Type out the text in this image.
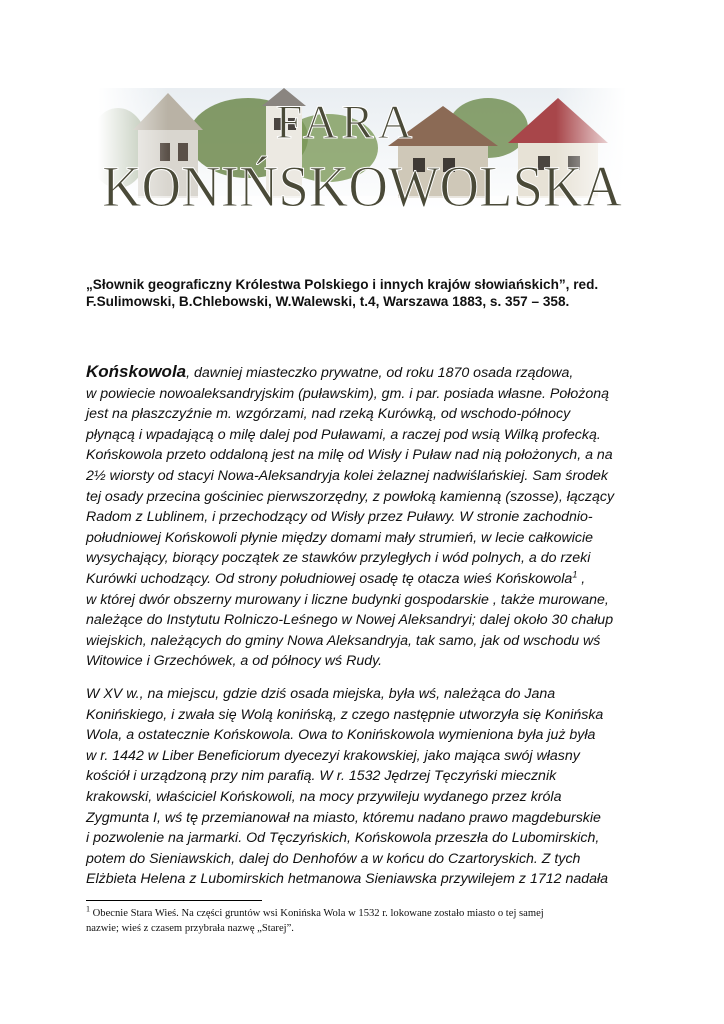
FARA
KONIŃSKOWOLSKA
„Słownik geograficzny Królestwa Polskiego i innych krajów słowiańskich”, red.
F.Sulimowski, B.Chlebowski, W.Walewski, t.4, Warszawa 1883, s. 357 – 358.
Końskowola, dawniej miasteczko prywatne, od roku 1870 osada rządowa,
w powiecie nowoaleksandryjskim (puławskim), gm. i par. posiada własne. Położoną
jest na płaszczyźnie m. wzgórzami, nad rzeką Kurówką, od wschodo-północy
płynącą i wpadającą o milę dalej pod Puławami, a raczej pod wsią Wilką profecką.
Końskowola przeto oddaloną jest na milę od Wisły i Puław nad nią położonych, a na
2½ wiorsty od stacyi Nowa-Aleksandryja kolei żelaznej nadwiślańskiej. Sam środek
tej osady przecina gościniec pierwszorzędny, z powłoką kamienną (szosse), łączący
Radom z Lublinem, i przechodzący od Wisły przez Puławy. W stronie zachodnio-
południowej Końskowoli płynie między domami mały strumień, w lecie całkowicie
wysychający, biorący początek ze stawków przyległych i wód polnych, a do rzeki
Kurówki uchodzący. Od strony południowej osadę tę otacza wieś Końskowola$^1$ ,
w której dwór obszerny murowany i liczne budynki gospodarskie , także murowane,
należące do Instytutu Rolniczo-Leśnego w Nowej Aleksandryi; dalej około 30 chałup
wiejskich, należących do gminy Nowa Aleksandryja, tak samo, jak od wschodu wś
Witowice i Grzechówek, a od północy wś Rudy.
W XV w., na miejscu, gdzie dziś osada miejska, była wś, należąca do Jana
Konińskiego, i zwała się Wolą konińską, z czego następnie utworzyła się Konińska
Wola, a ostatecznie Końskowola. Owa to Konińskowola wymieniona była już była
w r. 1442 w Liber Beneficiorum dyecezyi krakowskiej, jako mająca swój własny
kościół i urządzoną przy nim parafią. W r. 1532 Jędrzej Tęczyński miecznik
krakowski, właściciel Końskowoli, na mocy przywileju wydanego przez króla
Zygmunta I, wś tę przemianował na miasto, któremu nadano prawo magdeburskie
i pozwolenie na jarmarki. Od Tęczyńskich, Końskowola przeszła do Lubomirskich,
potem do Sieniawskich, dalej do Denhofów a w końcu do Czartoryskich. Z tych
Elżbieta Helena z Lubomirskich hetmanowa Sieniawska przywilejem z 1712 nadała
$^1$ Obecnie Stara Wieś. Na części gruntów wsi Konińska Wola w 1532 r. lokowane zostało miasto o tej samej
nazwie; wieś z czasem przybrała nazwę „Starej”.
